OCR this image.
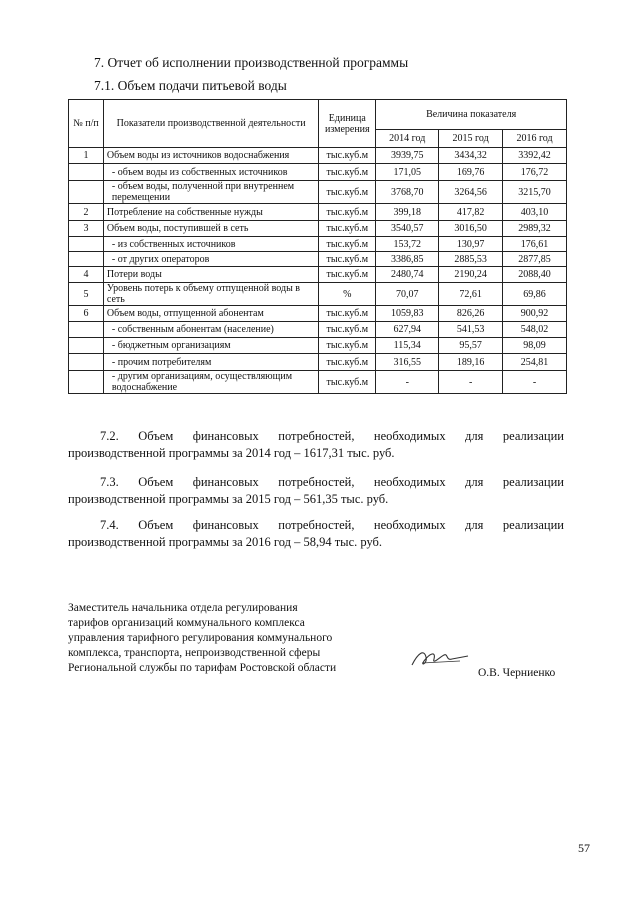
7. Отчет об исполнении производственной программы
7.1. Объем подачи питьевой воды
№ п/п	Показатели производственной деятельности	Единица измерения	Величина показателя		
			2014 год	2015 год	2016 год
1	Объем воды из источников водоснабжения	тыс.куб.м	3939,75	3434,32	3392,42
	- объем воды из собственных источников	тыс.куб.м	171,05	169,76	176,72
	- объем воды, полученной при внутреннем перемещении	тыс.куб.м	3768,70	3264,56	3215,70
2	Потребление на собственные нужды	тыс.куб.м	399,18	417,82	403,10
3	Объем воды, поступившей в сеть	тыс.куб.м	3540,57	3016,50	2989,32
	- из собственных источников	тыс.куб.м	153,72	130,97	176,61
	- от других операторов	тыс.куб.м	3386,85	2885,53	2877,85
4	Потери воды	тыс.куб.м	2480,74	2190,24	2088,40
5	Уровень потерь к объему отпущенной воды в сеть	%	70,07	72,61	69,86
6	Объем воды, отпущенной абонентам	тыс.куб.м	1059,83	826,26	900,92
	- собственным абонентам (население)	тыс.куб.м	627,94	541,53	548,02
	- бюджетным организациям	тыс.куб.м	115,34	95,57	98,09
	- прочим потребителям	тыс.куб.м	316,55	189,16	254,81
	- другим организациям, осуществляющим водоснабжение	тыс.куб.м	-	-	-
7.2. Объем финансовых потребностей, необходимых для реализации
производственной программы за 2014 год – 1617,31 тыс. руб.
7.3. Объем финансовых потребностей, необходимых для реализации
производственной программы за 2015 год – 561,35 тыс. руб.
7.4. Объем финансовых потребностей, необходимых для реализации
производственной программы за 2016 год – 58,94 тыс. руб.
Заместитель начальника отдела регулирования
тарифов организаций коммунального комплекса
управления тарифного регулирования коммунального
комплекса, транспорта, непроизводственной сферы
Региональной службы по тарифам Ростовской области	О.В. Черниенко
57
